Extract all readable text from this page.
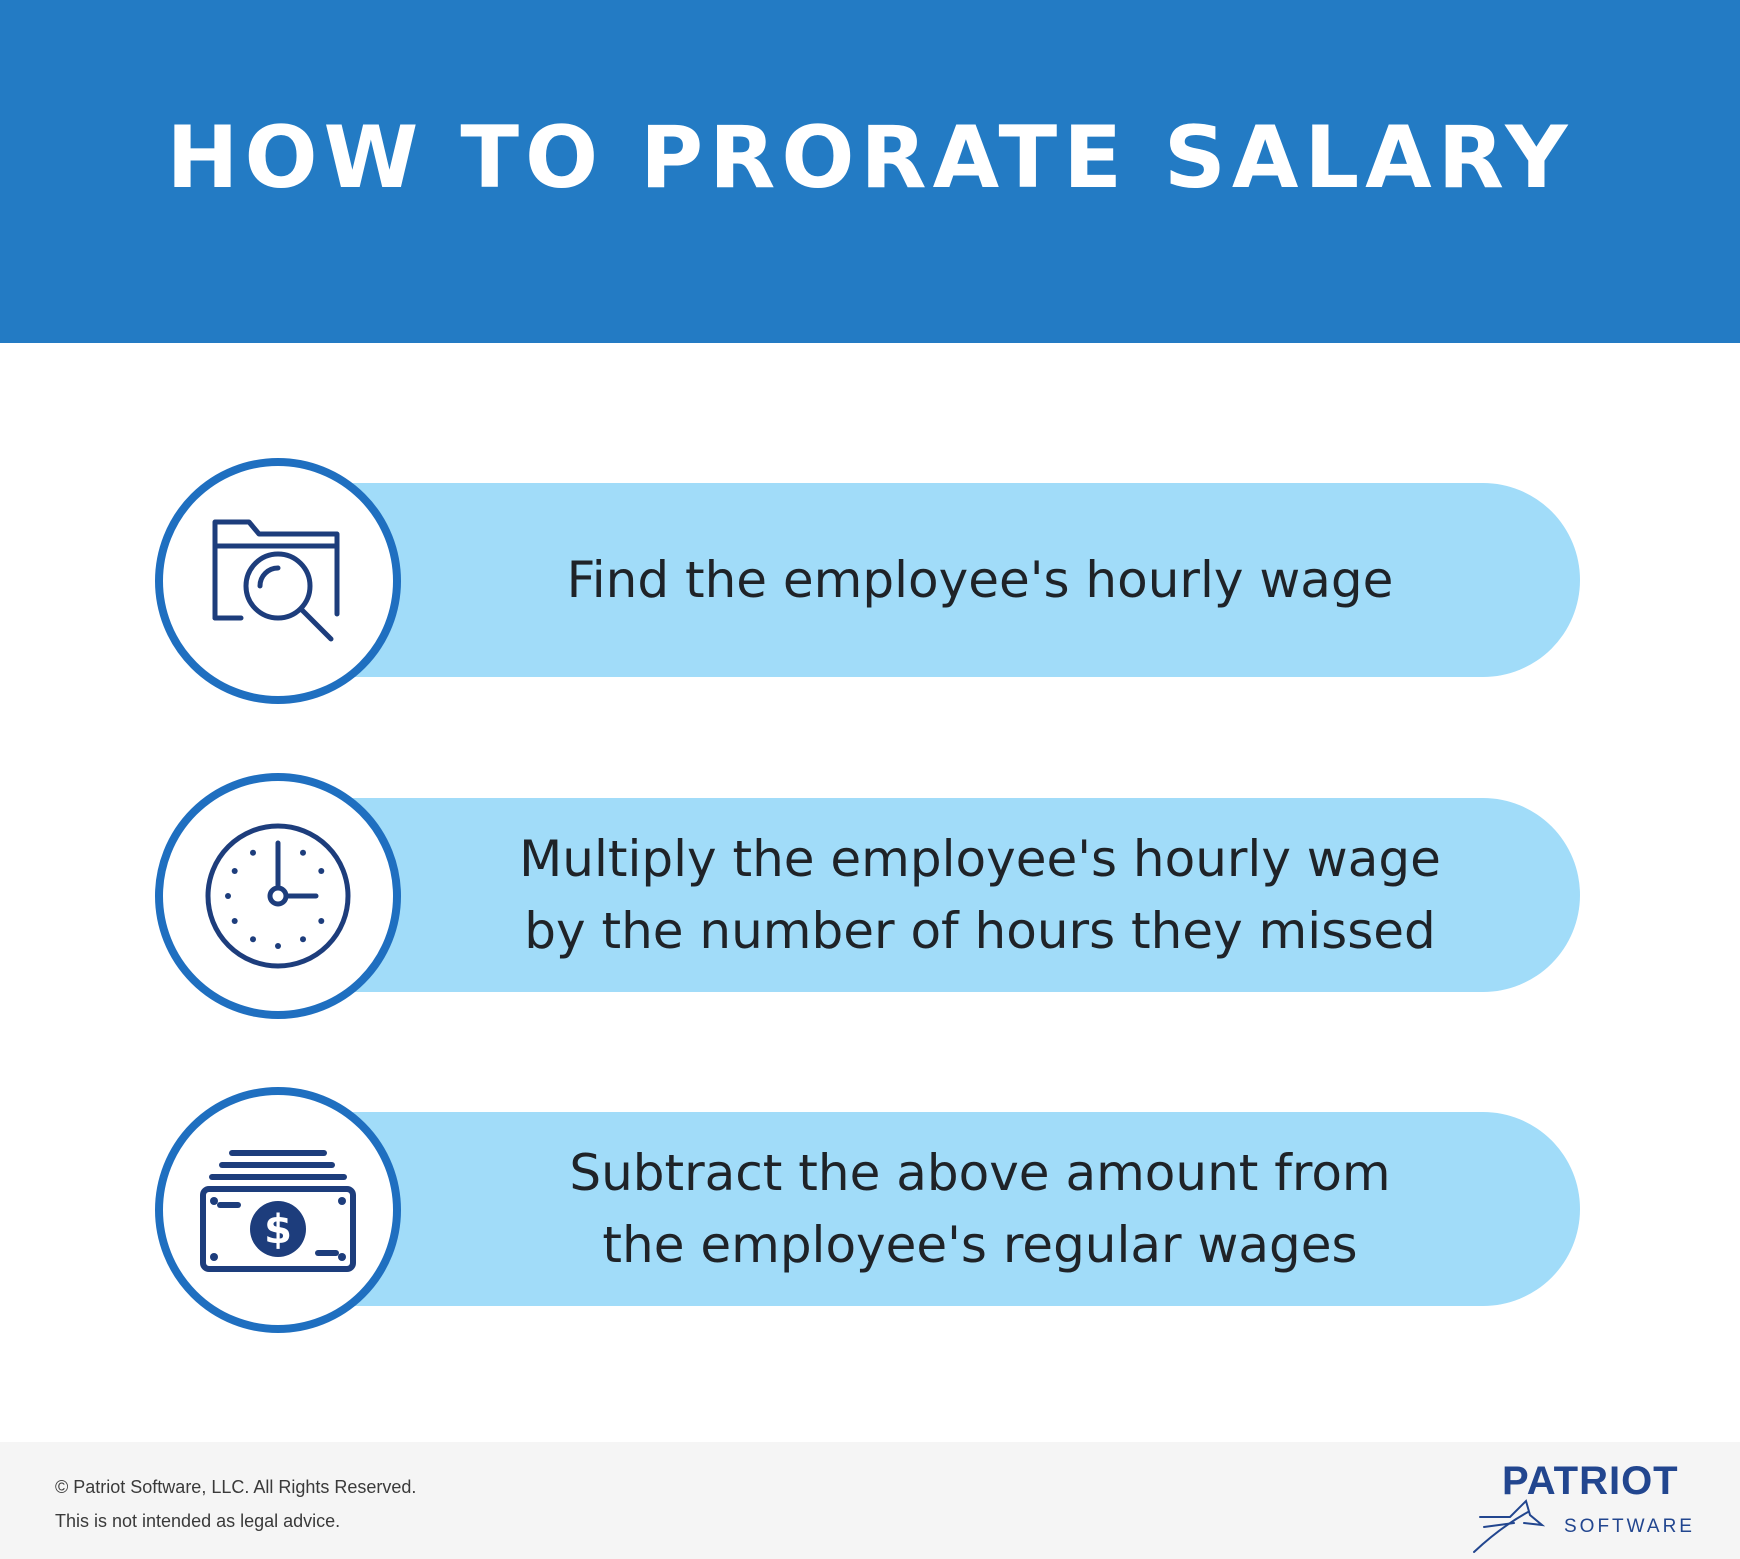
HOW TO PRORATE SALARY
Find the employee's hourly wage
Multiply the employee's hourly wage
by the number of hours they missed
Subtract the above amount from
the employee's regular wages
$
© Patriot Software, LLC. All Rights Reserved.
This is not intended as legal advice.
PATRIOT
SOFTWARE
